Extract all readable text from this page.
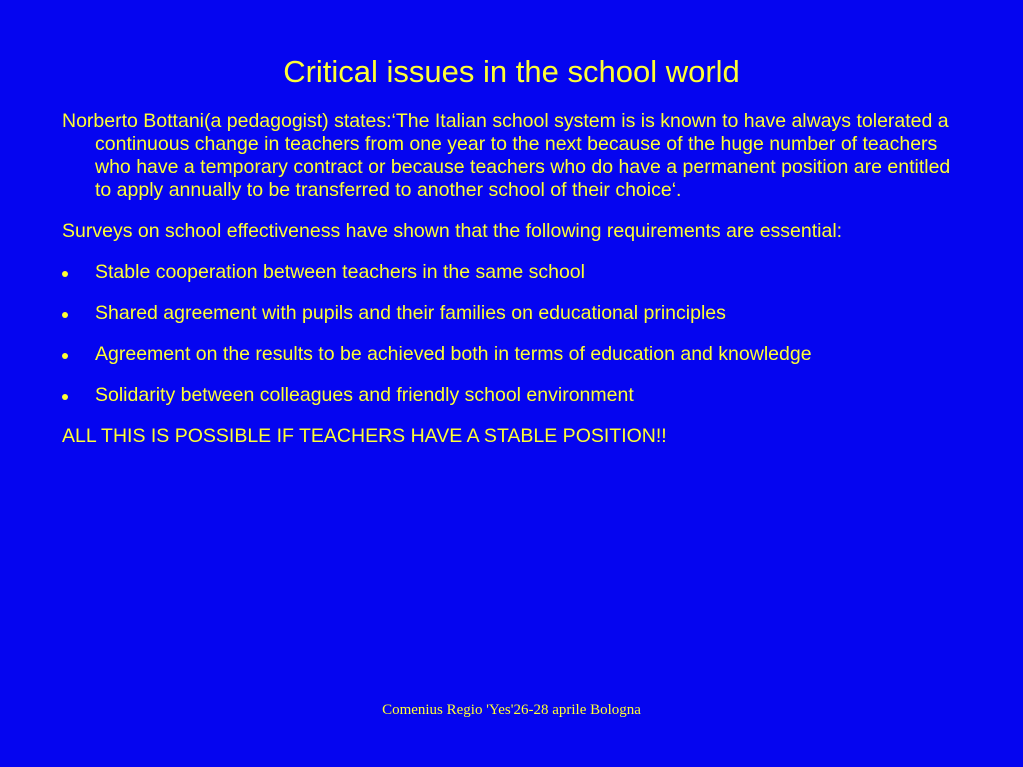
Critical issues in the school world

Norberto Bottani(a pedagogist) states:‘The Italian school system is is known to have always tolerated a continuous change in teachers from one year to the next because of the huge number of teachers who have a temporary contract or because teachers who do have a permanent position are entitled to apply annually to be transferred to another school of their choice‘.

Surveys on school effectiveness have shown that the following requirements are essential:

Stable cooperation between teachers in the same school
Shared agreement with pupils and their families on educational principles
Agreement on the results to be achieved both in terms of education and knowledge
Solidarity between colleagues and friendly school environment

ALL THIS IS POSSIBLE IF TEACHERS HAVE A STABLE POSITION!!

Comenius Regio 'Yes'26-28 aprile Bologna
